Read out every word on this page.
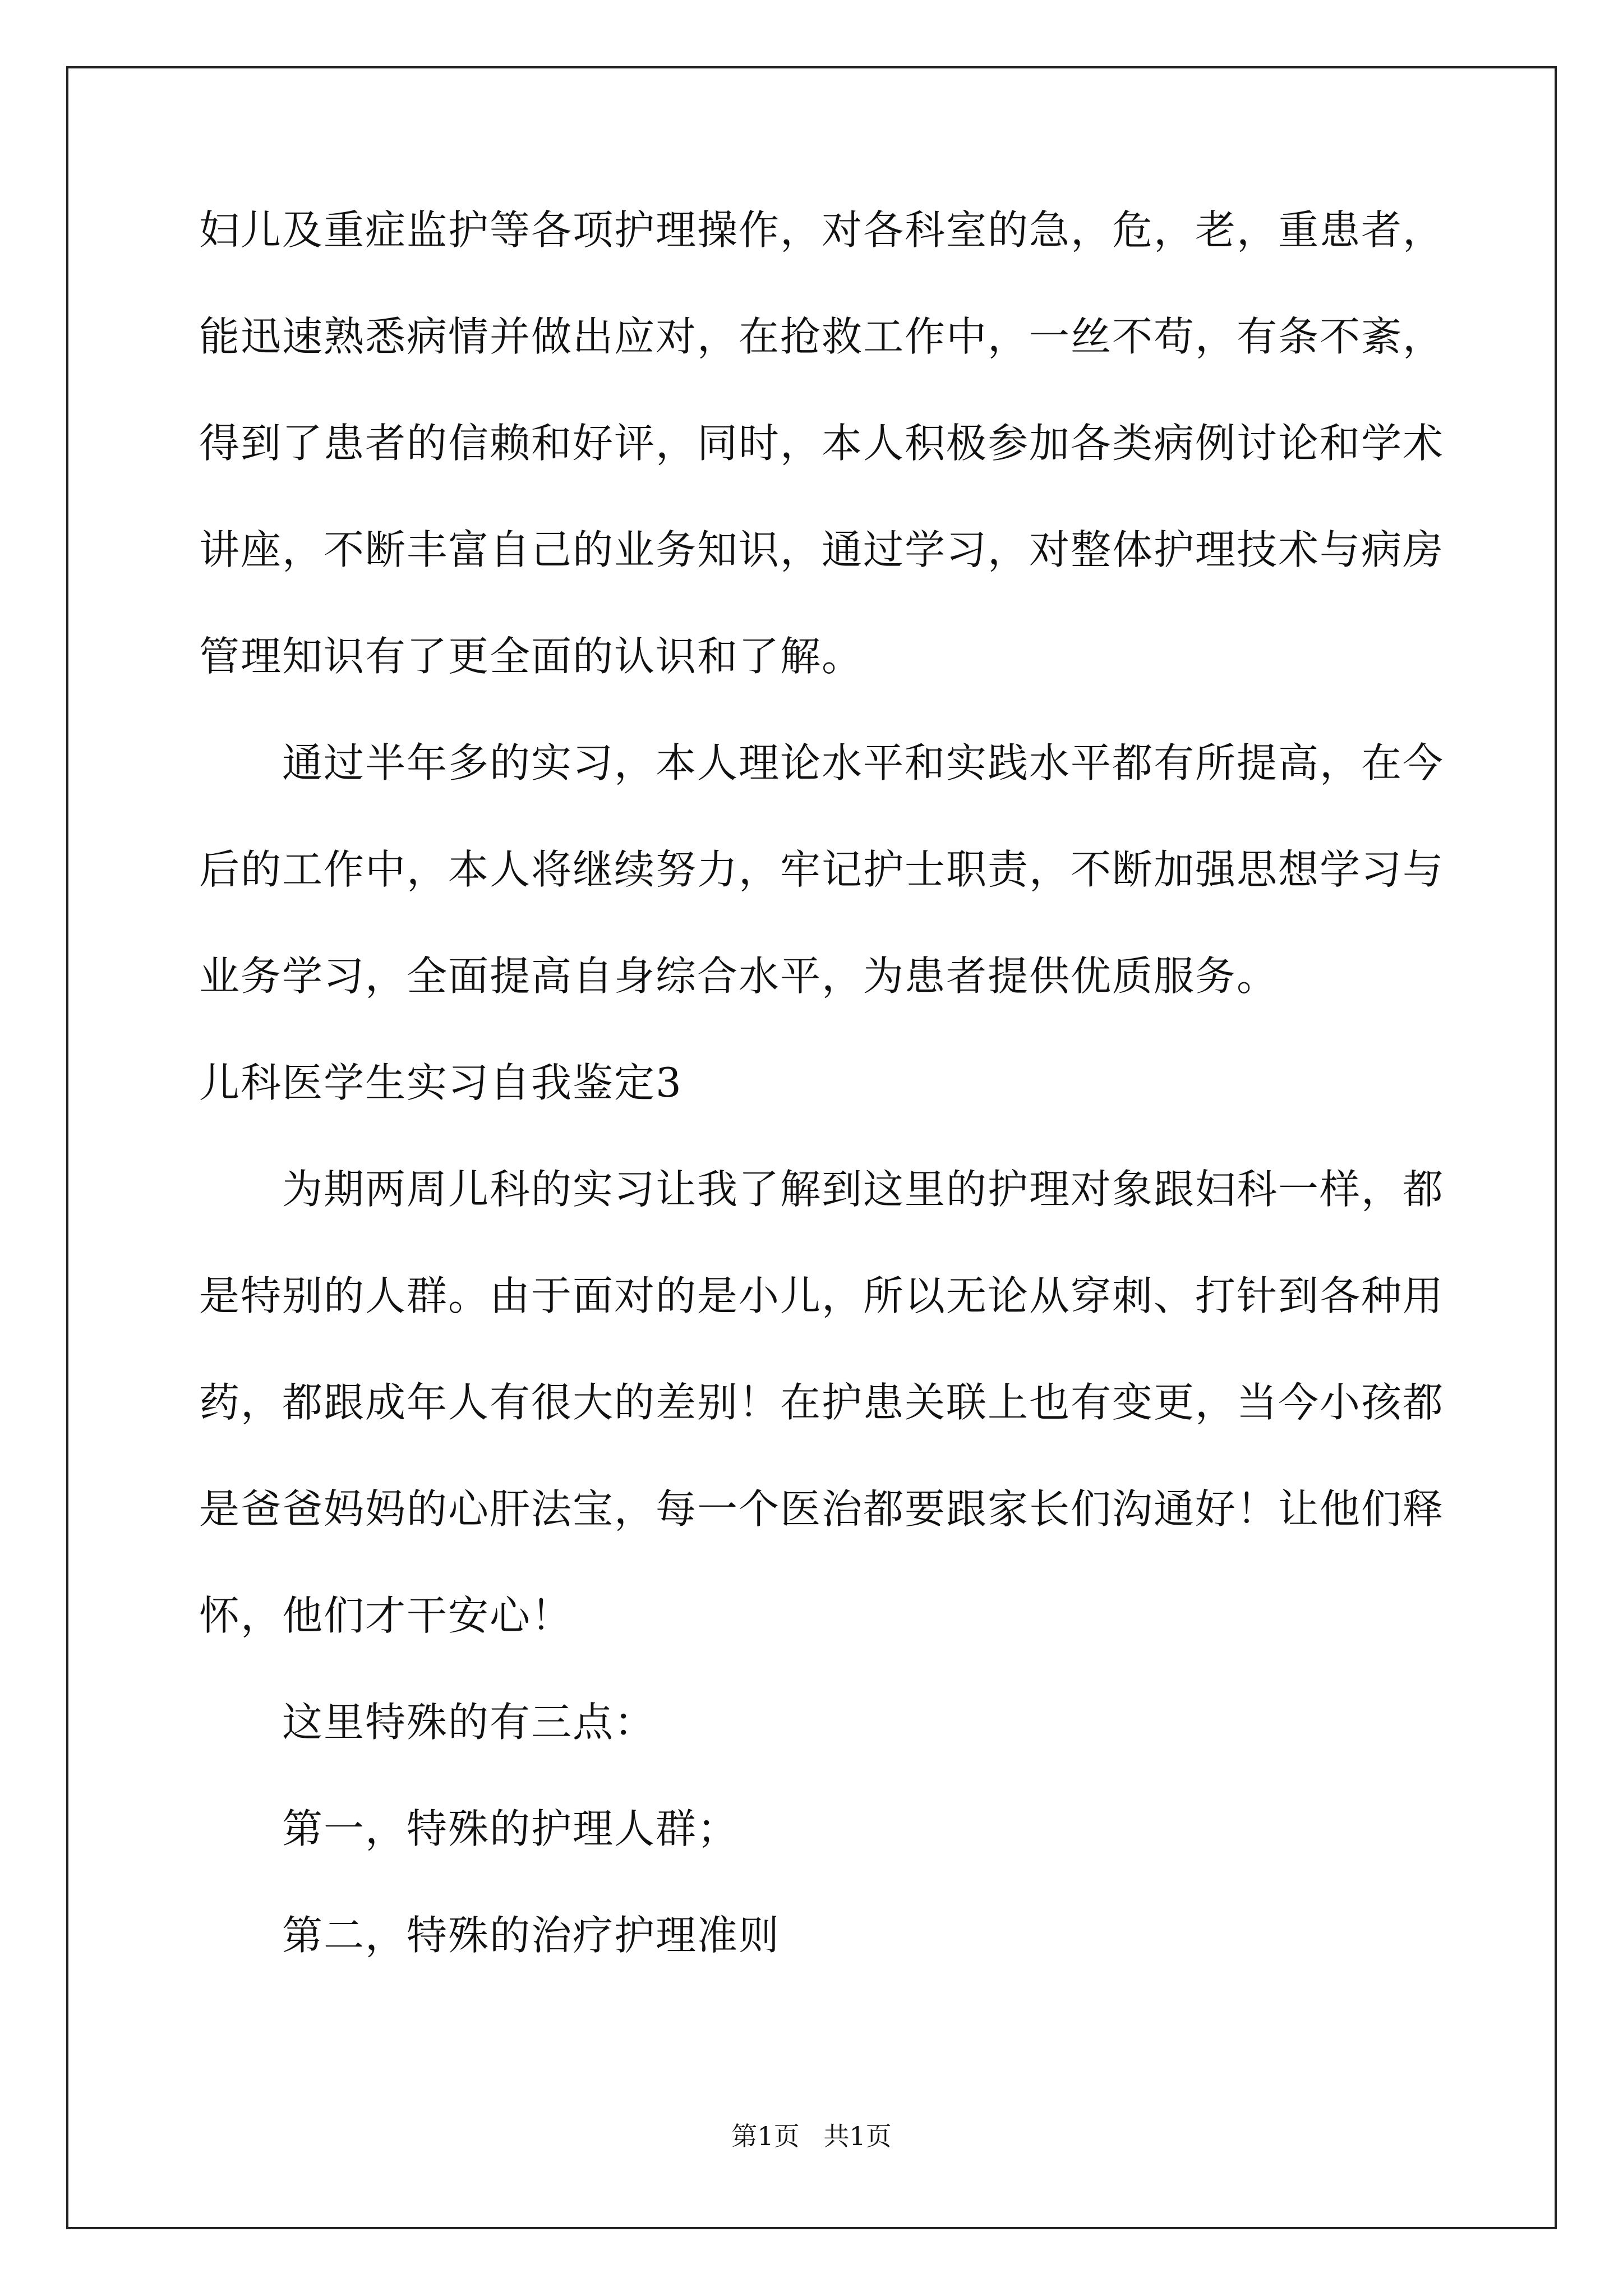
妇儿及重症监护等各项护理操作，对各科室的急，危，老，重患者，
能迅速熟悉病情并做出应对，在抢救工作中，一丝不苟，有条不紊，
得到了患者的信赖和好评，同时，本人积极参加各类病例讨论和学术
讲座，不断丰富自己的业务知识，通过学习，对整体护理技术与病房
管理知识有了更全面的认识和了解。
通过半年多的实习，本人理论水平和实践水平都有所提高，在今
后的工作中，本人将继续努力，牢记护士职责，不断加强思想学习与
业务学习，全面提高自身综合水平，为患者提供优质服务。
儿科医学生实习自我鉴定3
为期两周儿科的实习让我了解到这里的护理对象跟妇科一样，都
是特别的人群。由于面对的是小儿，所以无论从穿刺、打针到各种用
药，都跟成年人有很大的差别！在护患关联上也有变更，当今小孩都
是爸爸妈妈的心肝法宝，每一个医治都要跟家长们沟通好！让他们释
怀，他们才干安心！
这里特殊的有三点：
第一，特殊的护理人群；
第二，特殊的治疗护理准则
第1页 共1页
